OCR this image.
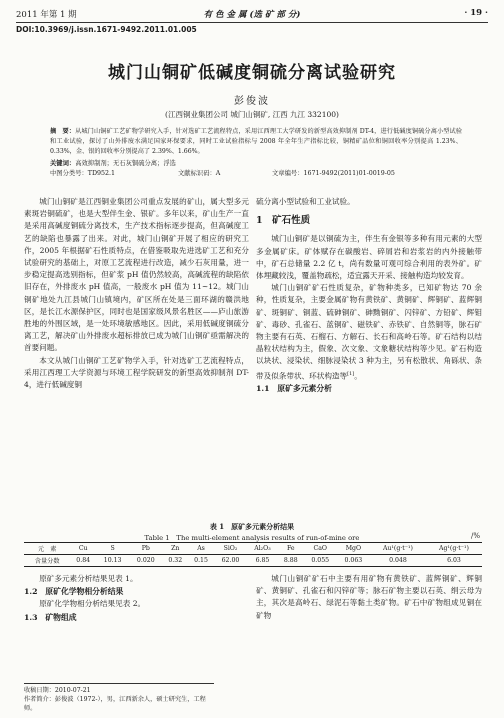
2011 年第 1 期	有 色 金 属 (选 矿 部 分)	· 19 ·
DOI:10.3969/j.issn.1671-9492.2011.01.005
城门山铜矿低碱度铜硫分离试验研究
彭俊波
(江西铜业集团公司 城门山铜矿, 江西 九江 332100)
摘　要：从城门山铜矿工艺矿物学研究入手，针对选矿工艺流程特点，采用江西理工大学研发的新型高效抑制剂 DT-4，进行低碱度铜硫分离小型试验和工业试验，探讨了山外排废水满足国家环保要求，同时工业试验指标与 2008 年全年生产指标比较，铜精矿品位和铜回收率分别提高 1.23%、0.33%，金、银的回收率分别提高了 2.39%、1.66%。
关键词：高效抑制剂；无石灰铜硫分离；浮选
中图分类号：TD952.1	文献标识码：A	文章编号：1671-9492(2011)01-0019-05

城门山铜矿是江西铜业集团公司重点发展的矿山，属大型多元素斑岩铜硫矿，也是大型伴生金、银矿。多年以来，矿山生产一直是采用高碱度铜硫分离技术，生产技术指标逐步提高，但高碱度工艺的缺陷也暴露了出来。对此，城门山铜矿开展了相应的研究工作，2005 年根据矿石性质特点，在借鉴吸取先进选矿工艺和充分试验研究的基础上，对原工艺流程进行改造，减少石灰用量，进一步稳定提高选别指标，但矿浆 pH 值仍然较高，高碱流程的缺陷依旧存在，外排废水 pH 值高，一般废水 pH 值为 11~12。城门山铜矿地处九江县城门山镇境内，矿区所在处是三面环湖的赣洪地区，是长江水源保护区，同时也是国家级风景名胜区——庐山旅游胜地的外围区域，是一处环境敏感地区。因此，采用低碱度铜硫分离工艺，解决矿山外排废水超标排放已成为城门山铜矿亟需解决的首要问题。

本文从城门山铜矿工艺矿物学入手，针对选矿工艺流程特点，采用江西理工大学资源与环境工程学院研发的新型高效抑制剂 DT-4，进行低碱度铜

硫分离小型试验和工业试验。

1　矿石性质

城门山铜矿是以铜硫为主，伴生有金银等多种有用元素的大型多金属矿床。矿体赋存在碳酸岩、碎屑岩和岩浆岩的内外接触带中，矿石总储量 2.2 亿 t，尚有数量可观可综合利用的表外矿。矿体埋藏较浅，覆盖物疏松，适宜露天开采、接触构造均较发育。

城门山铜矿矿石性质复杂，矿物种类多，已知矿物达 70 余种，性质复杂，主要金属矿物有黄铁矿、黄铜矿、辉铜矿、蓝辉铜矿、斑铜矿、铜蓝、硫砷铜矿、砷黝铜矿、闪锌矿、方铅矿、辉钼矿、毒砂、孔雀石、蓝铜矿、磁铁矿、赤铁矿、自然铜等，脉石矿物主要有石英、石榴石、方解石、长石和高岭石等。矿石结构以结晶粒状结构为主，假象、次文象、文象糖状结构等少见。矿石构造以块状、浸染状、细脉浸染状 3 种为主，另有松散状、角砾状、条带及似条带状、环状构造等[1]。

1.1　原矿多元素分析
表 1　原矿多元素分析结果
Table 1　The multi-element analysis results of run-of-mine ore	/%
元　素	Cu	S	Pb	Zn	As	SiO₂	Al₂O₃	Fe	CaO	MgO	Au¹(g·t⁻¹)	Ag¹(g·t⁻¹)
含量分数	0.84	10.13	0.020	0.32	0.15	62.00	6.85	8.88	0.055	0.063	0.048	6.03

原矿多元素分析结果见表 1。

1.2　原矿化学物相分析结果

原矿化学物相分析结果见表 2。

1.3　矿物组成

城门山铜矿矿石中主要有用矿物有黄铁矿、蓝辉铜矿、辉铜矿、黄铜矿、孔雀石和闪锌矿等；脉石矿物主要以石英、绢云母为主，其次是高岭石、绿泥石等黏土类矿物。矿石中矿物组成见铜在矿物

收稿日期：2010-07-21
作者简介：彭俊波（1972-），男，江西新余人，硕士研究生，工程师。
